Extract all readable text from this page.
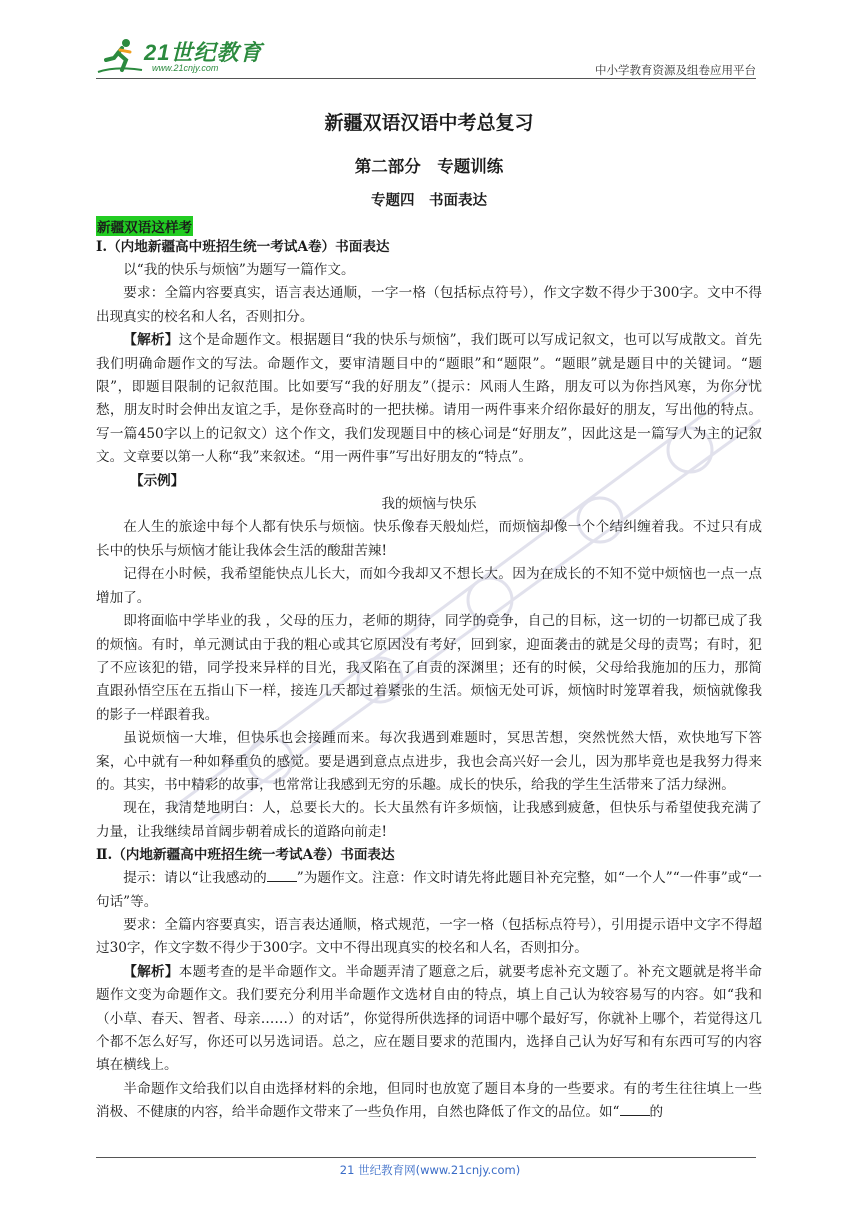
21世纪教育
www.21cnjy.com	中小学教育资源及组卷应用平台
新疆双语汉语中考总复习
第二部分　专题训练
专题四　书面表达
新疆双语这样考
Ⅰ.（内地新疆高中班招生统一考试A卷）书面表达

以“我的快乐与烦恼”为题写一篇作文。

要求：全篇内容要真实，语言表达通顺，一字一格（包括标点符号），作文字数不得少于300字。文中不得出现真实的校名和人名，否则扣分。

【解析】这个是命题作文。根据题目“我的快乐与烦恼”，我们既可以写成记叙文，也可以写成散文。首先我们明确命题作文的写法。命题作文，要审清题目中的“题眼”和“题限”。“题眼”就是题目中的关键词。“题限”，即题目限制的记叙范围。比如要写“我的好朋友”（提示：风雨人生路，朋友可以为你挡风寒，为你分忧愁，朋友时时会伸出友谊之手，是你登高时的一把扶梯。请用一两件事来介绍你最好的朋友，写出他的特点。写一篇450字以上的记叙文）这个作文，我们发现题目中的核心词是“好朋友”，因此这是一篇写人为主的记叙文。文章要以第一人称“我”来叙述。“用一两件事”写出好朋友的“特点”。

【示例】

我的烦恼与快乐

在人生的旅途中每个人都有快乐与烦恼。快乐像春天般灿烂，而烦恼却像一个个结纠缠着我。不过只有成长中的快乐与烦恼才能让我体会生活的酸甜苦辣!

记得在小时候，我希望能快点儿长大，而如今我却又不想长大。因为在成长的不知不觉中烦恼也一点一点增加了。

即将面临中学毕业的我 ，父母的压力，老师的期待，同学的竞争，自己的目标，这一切的一切都已成了我的烦恼。有时，单元测试由于我的粗心或其它原因没有考好，回到家，迎面袭击的就是父母的责骂；有时，犯了不应该犯的错，同学投来异样的目光，我又陷在了自责的深渊里；还有的时候，父母给我施加的压力，那简直跟孙悟空压在五指山下一样，接连几天都过着紧张的生活。烦恼无处可诉，烦恼时时笼罩着我，烦恼就像我的影子一样跟着我。

虽说烦恼一大堆，但快乐也会接踵而来。每次我遇到难题时，冥思苦想，突然恍然大悟，欢快地写下答案，心中就有一种如释重负的感觉。要是遇到意点点进步，我也会高兴好一会儿，因为那毕竟也是我努力得来的。其实，书中精彩的故事，也常常让我感到无穷的乐趣。成长的快乐，给我的学生生活带来了活力绿洲。

现在，我清楚地明白：人，总要长大的。长大虽然有许多烦恼，让我感到疲惫，但快乐与希望使我充满了力量，让我继续昂首阔步朝着成长的道路向前走!

Ⅱ.（内地新疆高中班招生统一考试A卷）书面表达

提示：请以“让我感动的 ”为题作文。注意：作文时请先将此题目补充完整，如“一个人”“一件事”或“一句话”等。

要求：全篇内容要真实，语言表达通顺，格式规范，一字一格（包括标点符号），引用提示语中文字不得超过30字，作文字数不得少于300字。文中不得出现真实的校名和人名，否则扣分。

【解析】本题考查的是半命题作文。半命题弄清了题意之后，就要考虑补充文题了。补充文题就是将半命题作文变为命题作文。我们要充分利用半命题作文选材自由的特点，填上自己认为较容易写的内容。如“我和 （小草、春天、智者、母亲……）的对话”，你觉得所供选择的词语中哪个最好写，你就补上哪个，若觉得这几个都不怎么好写，你还可以另选词语。总之，应在题目要求的范围内，选择自己认为好写和有东西可写的内容填在横线上。

半命题作文给我们以自由选择材料的余地，但同时也放宽了题目本身的一些要求。有的考生往往填上一些消极、不健康的内容，给半命题作文带来了一些负作用，自然也降低了作文的品位。如“ 的

21 世纪教育网(www.21cnjy.com)
